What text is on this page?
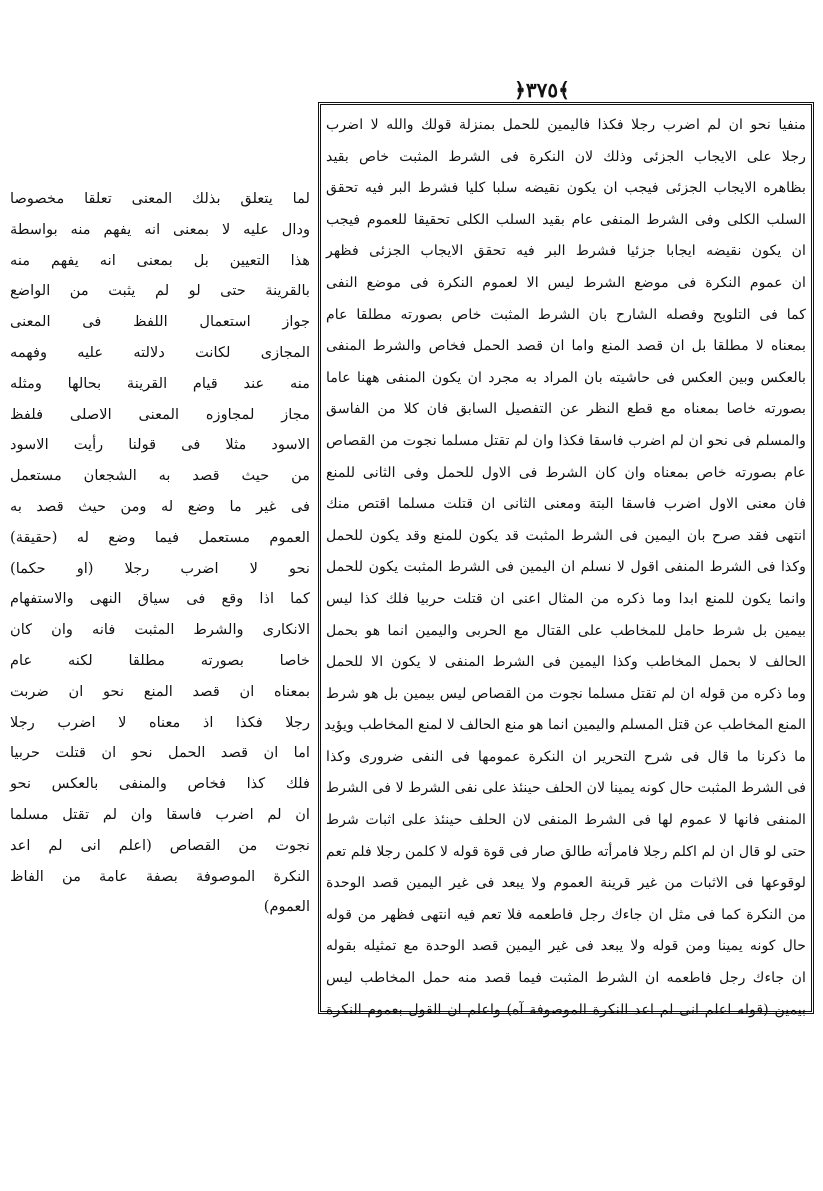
﴿٣٧٥﴾
منفيا نحو ان لم اضرب رجلا فكذا فاليمين للحمل بمنزلة قولك والله لا اضرب
رجلا على الايجاب الجزئى وذلك لان النكرة فى الشرط المثبت خاص بقيد
بظاهره الايجاب الجزئى فيجب ان يكون نقيضه سلبا كليا فشرط البر فيه تحقق
السلب الكلى وفى الشرط المنفى عام بقيد السلب الكلى تحقيقا للعموم فيجب
ان يكون نقيضه ايجابا جزئيا فشرط البر فيه تحقق الايجاب الجزئى فظهر
ان عموم النكرة فى موضع الشرط ليس الا لعموم النكرة فى موضع النفى
كما فى التلويح وفصله الشارح بان الشرط المثبت خاص بصورته مطلقا عام
بمعناه لا مطلقا بل ان قصد المنع واما ان قصد الحمل فخاص والشرط المنفى
بالعكس وبين العكس فى حاشيته بان المراد به مجرد ان يكون المنفى ههنا عاما
بصورته خاصا بمعناه مع قطع النظر عن التفصيل السابق فان كلا من الفاسق
والمسلم فى نحو ان لم اضرب فاسقا فكذا وان لم تقتل مسلما نجوت من القصاص
عام بصورته خاص بمعناه وان كان الشرط فى الاول للحمل وفى الثانى للمنع
فان معنى الاول اضرب فاسقا البتة ومعنى الثانى ان قتلت مسلما اقتص منك
انتهى فقد صرح بان اليمين فى الشرط المثبت قد يكون للمنع وقد يكون للحمل
وكذا فى الشرط المنفى اقول لا نسلم ان اليمين فى الشرط المثبت يكون للحمل
وانما يكون للمنع ابدا وما ذكره من المثال اعنى ان قتلت حربيا فلك كذا ليس
بيمين بل شرط حامل للمخاطب على القتال مع الحربى واليمين انما هو بحمل
الحالف لا بحمل المخاطب وكذا اليمين فى الشرط المنفى لا يكون الا للحمل
وما ذكره من قوله ان لم تقتل مسلما نجوت من القصاص ليس بيمين بل هو شرط
المنع المخاطب عن قتل المسلم واليمين انما هو منع الحالف لا لمنع المخاطب ويؤيد
ما ذكرنا ما قال فى شرح التحرير ان النكرة عمومها فى النفى ضرورى وكذا
فى الشرط المثبت حال كونه يمينا لان الحلف حينئذ على نفى الشرط لا فى الشرط
المنفى فانها لا عموم لها فى الشرط المنفى لان الحلف حينئذ على اثبات شرط
حتى لو قال ان لم اكلم رجلا فامرأته طالق صار فى قوة قوله لا كلمن رجلا فلم تعم
لوقوعها فى الاثبات من غير قرينة العموم ولا يبعد فى غير اليمين قصد الوحدة
من النكرة كما فى مثل ان جاءك رجل فاطعمه فلا تعم فيه انتهى فظهر من قوله
حال كونه يمينا ومن قوله ولا يبعد فى غير اليمين قصد الوحدة مع تمثيله بقوله
ان جاءك رجل فاطعمه ان الشرط المثبت فيما قصد منه حمل المخاطب ليس
بيمين (قوله اعلم انى لم اعد النكرة الموصوفة آه) واعلم ان القول بعموم النكرة
لما يتعلق بذلك المعنى تعلقا مخصوصا
ودال عليه لا بمعنى انه يفهم منه بواسطة
هذا التعيين بل بمعنى انه يفهم منه
بالقرينة حتى لو لم يثبت من الواضع
جواز استعمال اللفظ فى المعنى
المجازى لكانت دلالته عليه وفهمه
منه عند قيام القرينة بحالها ومثله
مجاز لمجاوزه المعنى الاصلى فلفظ
الاسود مثلا فى قولنا رأيت الاسود
من حيث قصد به الشجعان مستعمل
فى غير ما وضع له ومن حيث قصد به
العموم مستعمل فيما وضع له (حقيقة)
نحو لا اضرب رجلا (او حكما)
كما اذا وقع فى سياق النهى والاستفهام
الانكارى والشرط المثبت فانه وان كان
خاصا بصورته مطلقا لكنه عام
بمعناه ان قصد المنع نحو ان ضربت
رجلا فكذا اذ معناه لا اضرب رجلا
اما ان قصد الحمل نحو ان قتلت حربيا
فلك كذا فخاص والمنفى بالعكس نحو
ان لم اضرب فاسقا وان لم تقتل مسلما
نجوت من القصاص (اعلم انى لم اعد
النكرة الموصوفة بصفة عامة من الفاظ
العموم)
